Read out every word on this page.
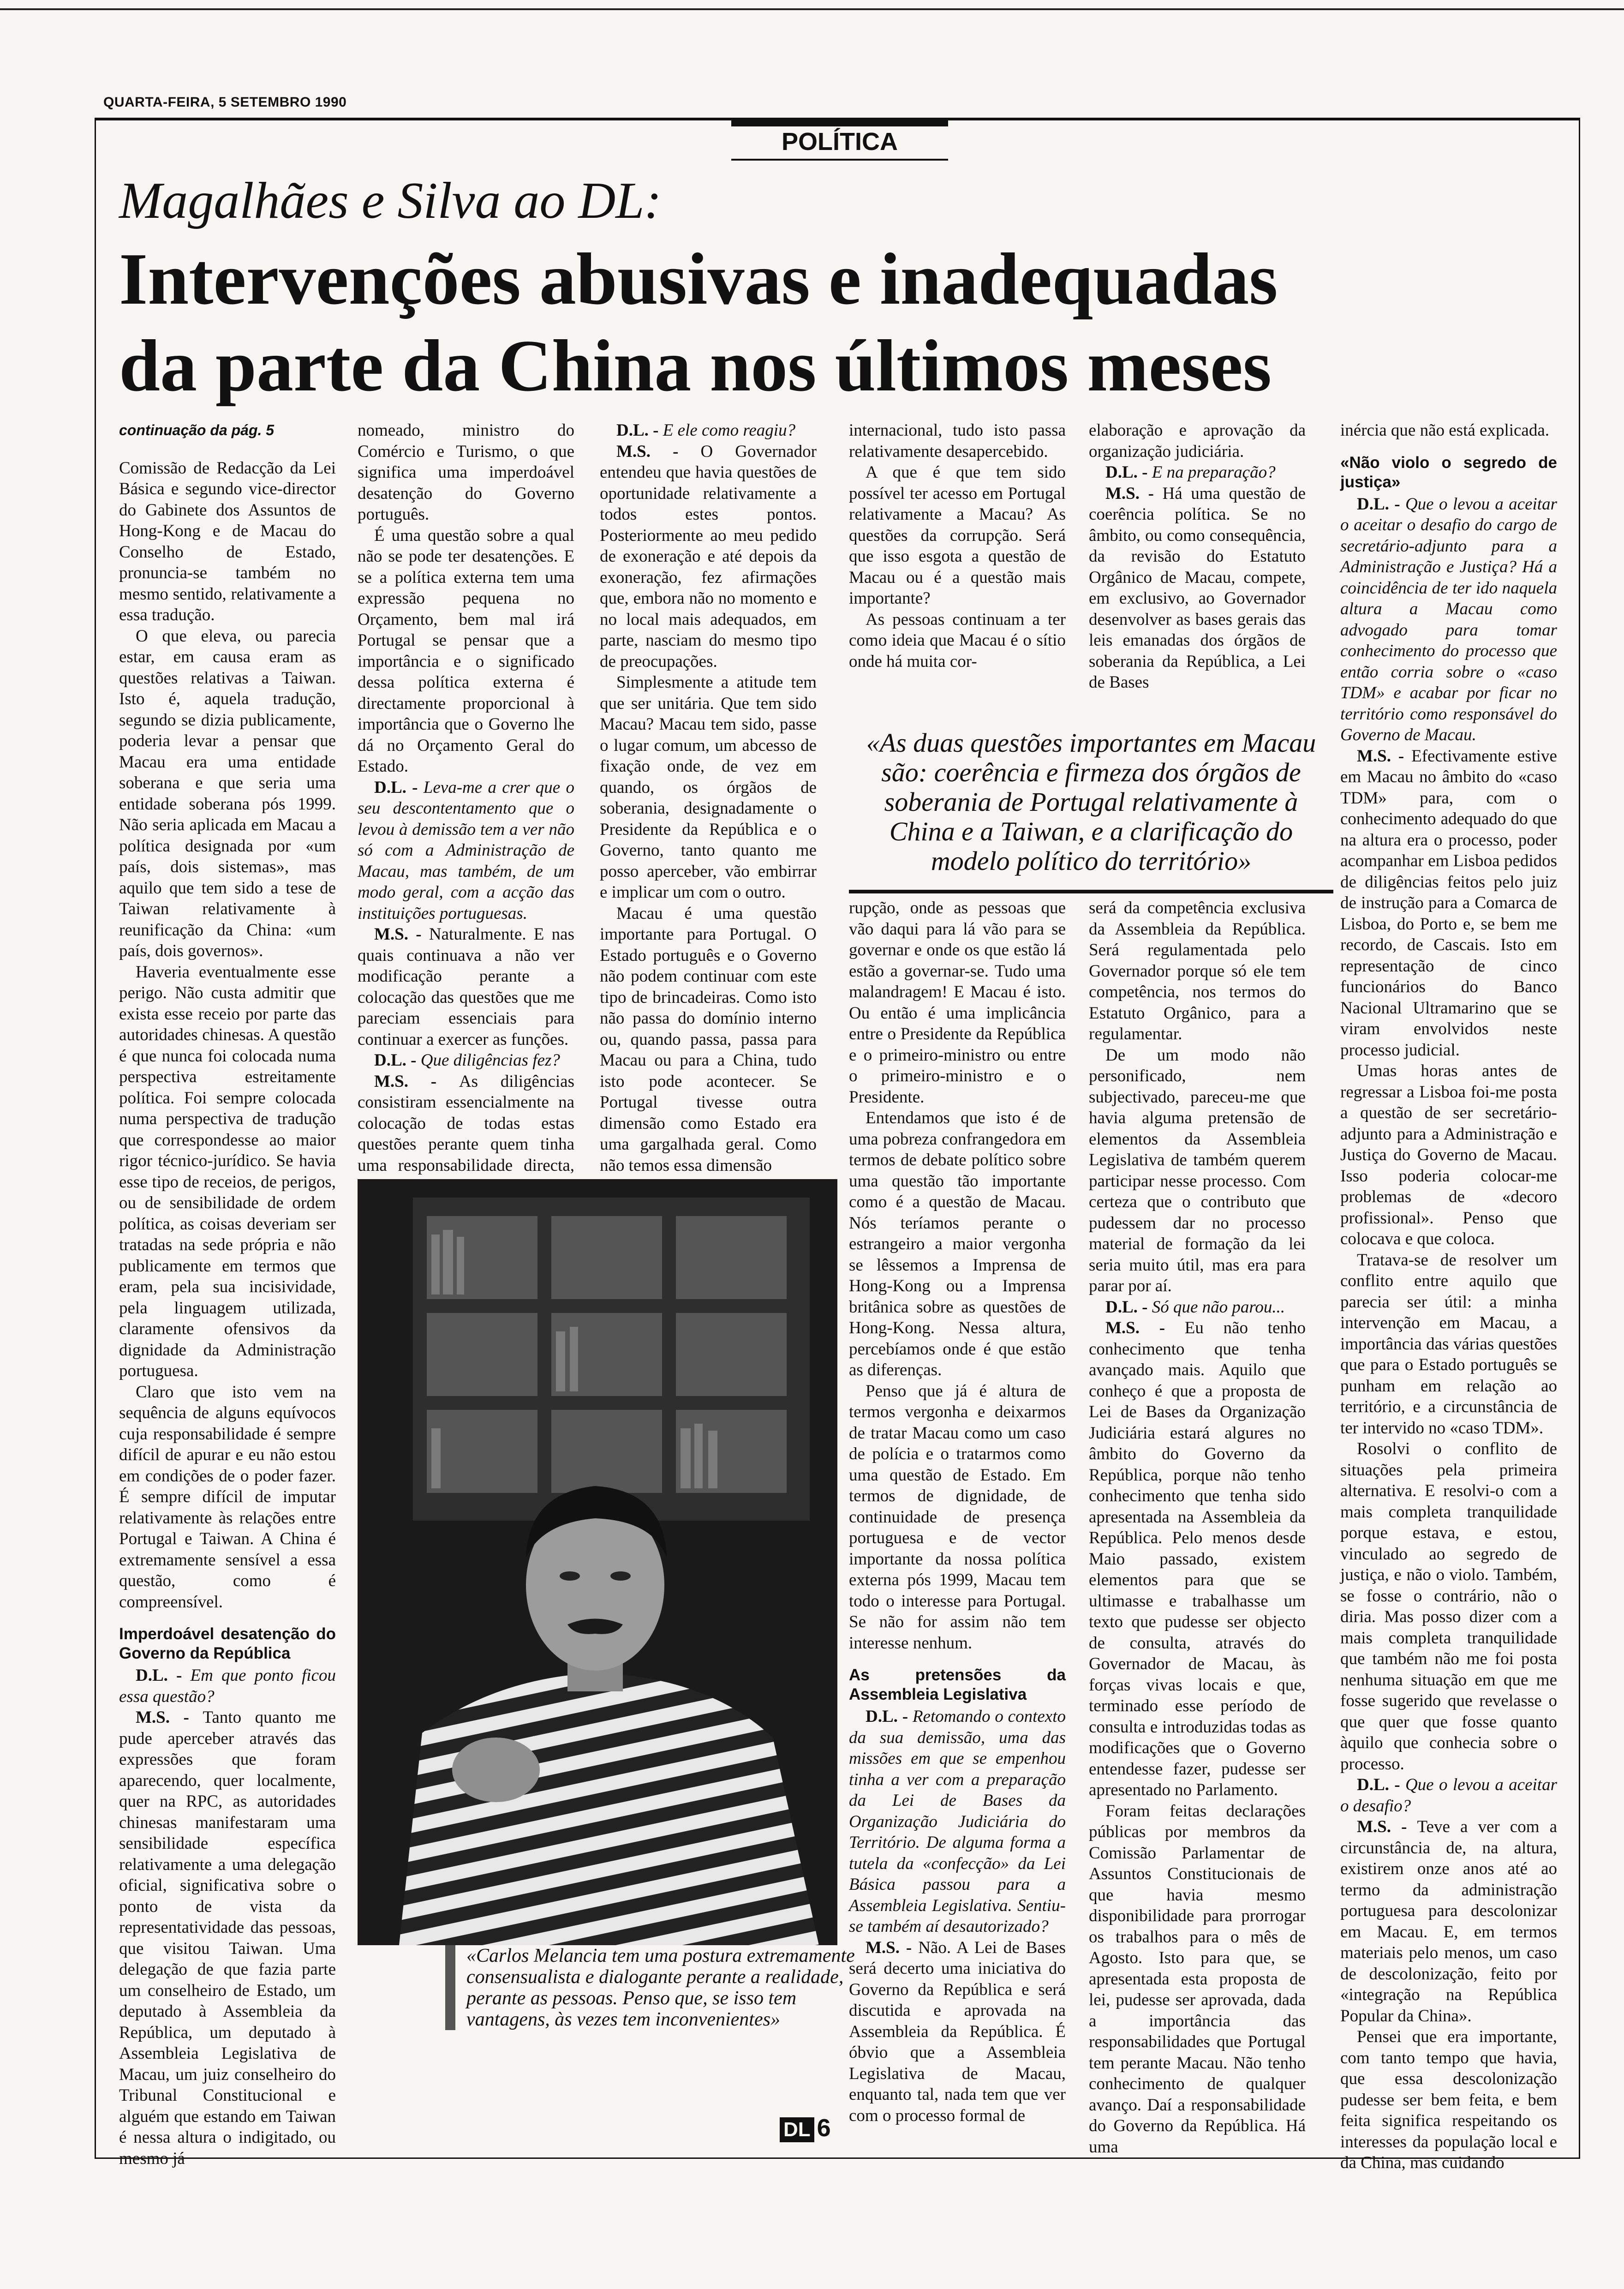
QUARTA-FEIRA, 5 SETEMBRO 1990
POLÍTICA
Magalhães e Silva ao DL:
Intervenções abusivas e inadequadas
da parte da China nos últimos meses
continuação da pág. 5

Comissão de Redacção da Lei Básica e segundo vice-director do Gabinete dos Assuntos de Hong-Kong e de Macau do Conselho de Estado, pronuncia-se também no mesmo sentido, relativamente a essa tradução.

O que eleva, ou parecia estar, em causa eram as questões relativas a Taiwan. Isto é, aquela tradução, segundo se dizia publicamente, poderia levar a pensar que Macau era uma entidade soberana e que seria uma entidade soberana pós 1999. Não seria aplicada em Macau a política designada por «um país, dois sistemas», mas aquilo que tem sido a tese de Taiwan relativamente à reunificação da China: «um país, dois governos».

Haveria eventualmente esse perigo. Não custa admitir que exista esse receio por parte das autoridades chinesas. A questão é que nunca foi colocada numa perspectiva estreitamente política. Foi sempre colocada numa perspectiva de tradução que correspondesse ao maior rigor técnico-jurídico. Se havia esse tipo de receios, de perigos, ou de sensibilidade de ordem política, as coisas deveriam ser tratadas na sede própria e não publicamente em termos que eram, pela sua incisividade, pela linguagem utilizada, claramente ofensivos da dignidade da Administração portuguesa.

Claro que isto vem na sequência de alguns equívocos cuja responsabilidade é sempre difícil de apurar e eu não estou em condições de o poder fazer. É sempre difícil de imputar relativamente às relações entre Portugal e Taiwan. A China é extremamente sensível a essa questão, como é compreensível.

Imperdoável desatenção do Governo da República

D.L. - Em que ponto ficou essa questão?

M.S. - Tanto quanto me pude aperceber através das expressões que foram aparecendo, quer localmente, quer na RPC, as autoridades chinesas manifestaram uma sensibilidade específica relativamente a uma delegação oficial, significativa sobre o ponto de vista da representatividade das pessoas, que visitou Taiwan. Uma delegação de que fazia parte um conselheiro de Estado, um deputado à Assembleia da República, um deputado à Assembleia Legislativa de Macau, um juiz conselheiro do Tribunal Constitucional e alguém que estando em Taiwan é nessa altura o indigitado, ou mesmo já

nomeado, ministro do Comércio e Turismo, o que significa uma imperdoável desatenção do Governo português.

É uma questão sobre a qual não se pode ter desatenções. E se a política externa tem uma expressão pequena no Orçamento, bem mal irá Portugal se pensar que a importância e o significado dessa política externa é directamente proporcional à importância que o Governo lhe dá no Orçamento Geral do Estado.

D.L. - Leva-me a crer que o seu descontentamento que o levou à demissão tem a ver não só com a Administração de Macau, mas também, de um modo geral, com a acção das instituições portuguesas.

M.S. - Naturalmente. E nas quais continuava a não ver modificação perante a colocação das questões que me pareciam essenciais para continuar a exercer as funções.

D.L. - Que diligências fez?

M.S. - As diligências consistiram essencialmente na colocação de todas estas questões perante quem tinha uma responsabilidade directa,

D.L. - E ele como reagiu?

M.S. - O Governador entendeu que havia questões de oportunidade relativamente a todos estes pontos. Posteriormente ao meu pedido de exoneração e até depois da exoneração, fez afirmações que, embora não no momento e no local mais adequados, em parte, nasciam do mesmo tipo de preocupações.

Simplesmente a atitude tem que ser unitária. Que tem sido Macau? Macau tem sido, passe o lugar comum, um abcesso de fixação onde, de vez em quando, os órgãos de soberania, designadamente o Presidente da República e o Governo, tanto quanto me posso aperceber, vão embirrar e implicar um com o outro.

Macau é uma questão importante para Portugal. O Estado português e o Governo não podem continuar com este tipo de brincadeiras. Como isto não passa do domínio interno ou, quando passa, passa para Macau ou para a China, tudo isto pode acontecer. Se Portugal tivesse outra dimensão como Estado era uma gargalhada geral. Como não temos essa dimensão

internacional, tudo isto passa relativamente desapercebido.

A que é que tem sido possível ter acesso em Portugal relativamente a Macau? As questões da corrupção. Será que isso esgota a questão de Macau ou é a questão mais importante?

As pessoas continuam a ter como ideia que Macau é o sítio onde há muita cor-

elaboração e aprovação da organização judiciária.

D.L. - E na preparação?

M.S. - Há uma questão de coerência política. Se no âmbito, ou como consequência, da revisão do Estatuto Orgânico de Macau, compete, em exclusivo, ao Governador desenvolver as bases gerais das leis emanadas dos órgãos de soberania da República, a Lei de Bases

«As duas questões importantes em Macau são: coerência e firmeza dos órgãos de soberania de Portugal relativamente à China e a Taiwan, e a clarificação do modelo político do território»

rupção, onde as pessoas que vão daqui para lá vão para se governar e onde os que estão lá estão a governar-se. Tudo uma malandragem! E Macau é isto. Ou então é uma implicância entre o Presidente da República e o primeiro-ministro ou entre o primeiro-ministro e o Presidente.

Entendamos que isto é de uma pobreza confrangedora em termos de debate político sobre uma questão tão importante como é a questão de Macau. Nós teríamos perante o estrangeiro a maior vergonha se lêssemos a Imprensa de Hong-Kong ou a Imprensa britânica sobre as questões de Hong-Kong. Nessa altura, percebíamos onde é que estão as diferenças.

Penso que já é altura de termos vergonha e deixarmos de tratar Macau como um caso de polícia e o tratarmos como uma questão de Estado. Em termos de dignidade, de continuidade de presença portuguesa e de vector importante da nossa política externa pós 1999, Macau tem todo o interesse para Portugal. Se não for assim não tem interesse nenhum.

As pretensões da Assembleia Legislativa

D.L. - Retomando o contexto da sua demissão, uma das missões em que se empenhou tinha a ver com a preparação da Lei de Bases da Organização Judiciária do Território. De alguma forma a tutela da «confecção» da Lei Básica passou para a Assembleia Legislativa. Sentiu-se também aí desautorizado?

M.S. - Não. A Lei de Bases será decerto uma iniciativa do Governo da República e será discutida e aprovada na Assembleia da República. É óbvio que a Assembleia Legislativa de Macau, enquanto tal, nada tem que ver com o processo formal de

será da competência exclusiva da Assembleia da República. Será regulamentada pelo Governador porque só ele tem competência, nos termos do Estatuto Orgânico, para a regulamentar.

De um modo não personificado, nem subjectivado, pareceu-me que havia alguma pretensão de elementos da Assembleia Legislativa de também querem participar nesse processo. Com certeza que o contributo que pudessem dar no processo material de formação da lei seria muito útil, mas era para parar por aí.

D.L. - Só que não parou...

M.S. - Eu não tenho conhecimento que tenha avançado mais. Aquilo que conheço é que a proposta de Lei de Bases da Organização Judiciária estará algures no âmbito do Governo da República, porque não tenho conhecimento que tenha sido apresentada na Assembleia da República. Pelo menos desde Maio passado, existem elementos para que se ultimasse e trabalhasse um texto que pudesse ser objecto de consulta, através do Governador de Macau, às forças vivas locais e que, terminado esse período de consulta e introduzidas todas as modificações que o Governo entendesse fazer, pudesse ser apresentado no Parlamento.

Foram feitas declarações públicas por membros da Comissão Parlamentar de Assuntos Constitucionais de que havia mesmo disponibilidade para prorrogar os trabalhos para o mês de Agosto. Isto para que, se apresentada esta proposta de lei, pudesse ser aprovada, dada a importância das responsabilidades que Portugal tem perante Macau. Não tenho conhecimento de qualquer avanço. Daí a responsabilidade do Governo da República. Há uma

inércia que não está explicada.

«Não violo o segredo de justiça»

D.L. - Que o levou a aceitar o aceitar o desafio do cargo de secretário-adjunto para a Administração e Justiça? Há a coincidência de ter ido naquela altura a Macau como advogado para tomar conhecimento do processo que então corria sobre o «caso TDM» e acabar por ficar no território como responsável do Governo de Macau.

M.S. - Efectivamente estive em Macau no âmbito do «caso TDM» para, com o conhecimento adequado do que na altura era o processo, poder acompanhar em Lisboa pedidos de diligências feitos pelo juiz de instrução para a Comarca de Lisboa, do Porto e, se bem me recordo, de Cascais. Isto em representação de cinco funcionários do Banco Nacional Ultramarino que se viram envolvidos neste processo judicial.

Umas horas antes de regressar a Lisboa foi-me posta a questão de ser secretário-adjunto para a Administração e Justiça do Governo de Macau. Isso poderia colocar-me problemas de «decoro profissional». Penso que colocava e que coloca.

Tratava-se de resolver um conflito entre aquilo que parecia ser útil: a minha intervenção em Macau, a importância das várias questões que para o Estado português se punham em relação ao território, e a circunstância de ter intervido no «caso TDM».

Rosolvi o conflito de situações pela primeira alternativa. E resolvi-o com a mais completa tranquilidade porque estava, e estou, vinculado ao segredo de justiça, e não o violo. Também, se fosse o contrário, não o diria. Mas posso dizer com a mais completa tranquilidade que também não me foi posta nenhuma situação em que me fosse sugerido que revelasse o que quer que fosse quanto àquilo que conhecia sobre o processo.

D.L. - Que o levou a aceitar o desafio?

M.S. - Teve a ver com a circunstância de, na altura, existirem onze anos até ao termo da administração portuguesa para descolonizar em Macau. E, em termos materiais pelo menos, um caso de descolonização, feito por «integração na República Popular da China».

Pensei que era importante, com tanto tempo que havia, que essa descolonização pudesse ser bem feita, e bem feita significa respeitando os interesses da população local e da China, mas cuidando

«Carlos Melancia tem uma postura extremamente consensualista e dialogante perante a realidade, perante as pessoas. Penso que, se isso tem vantagens, às vezes tem inconvenientes»
DL 6
